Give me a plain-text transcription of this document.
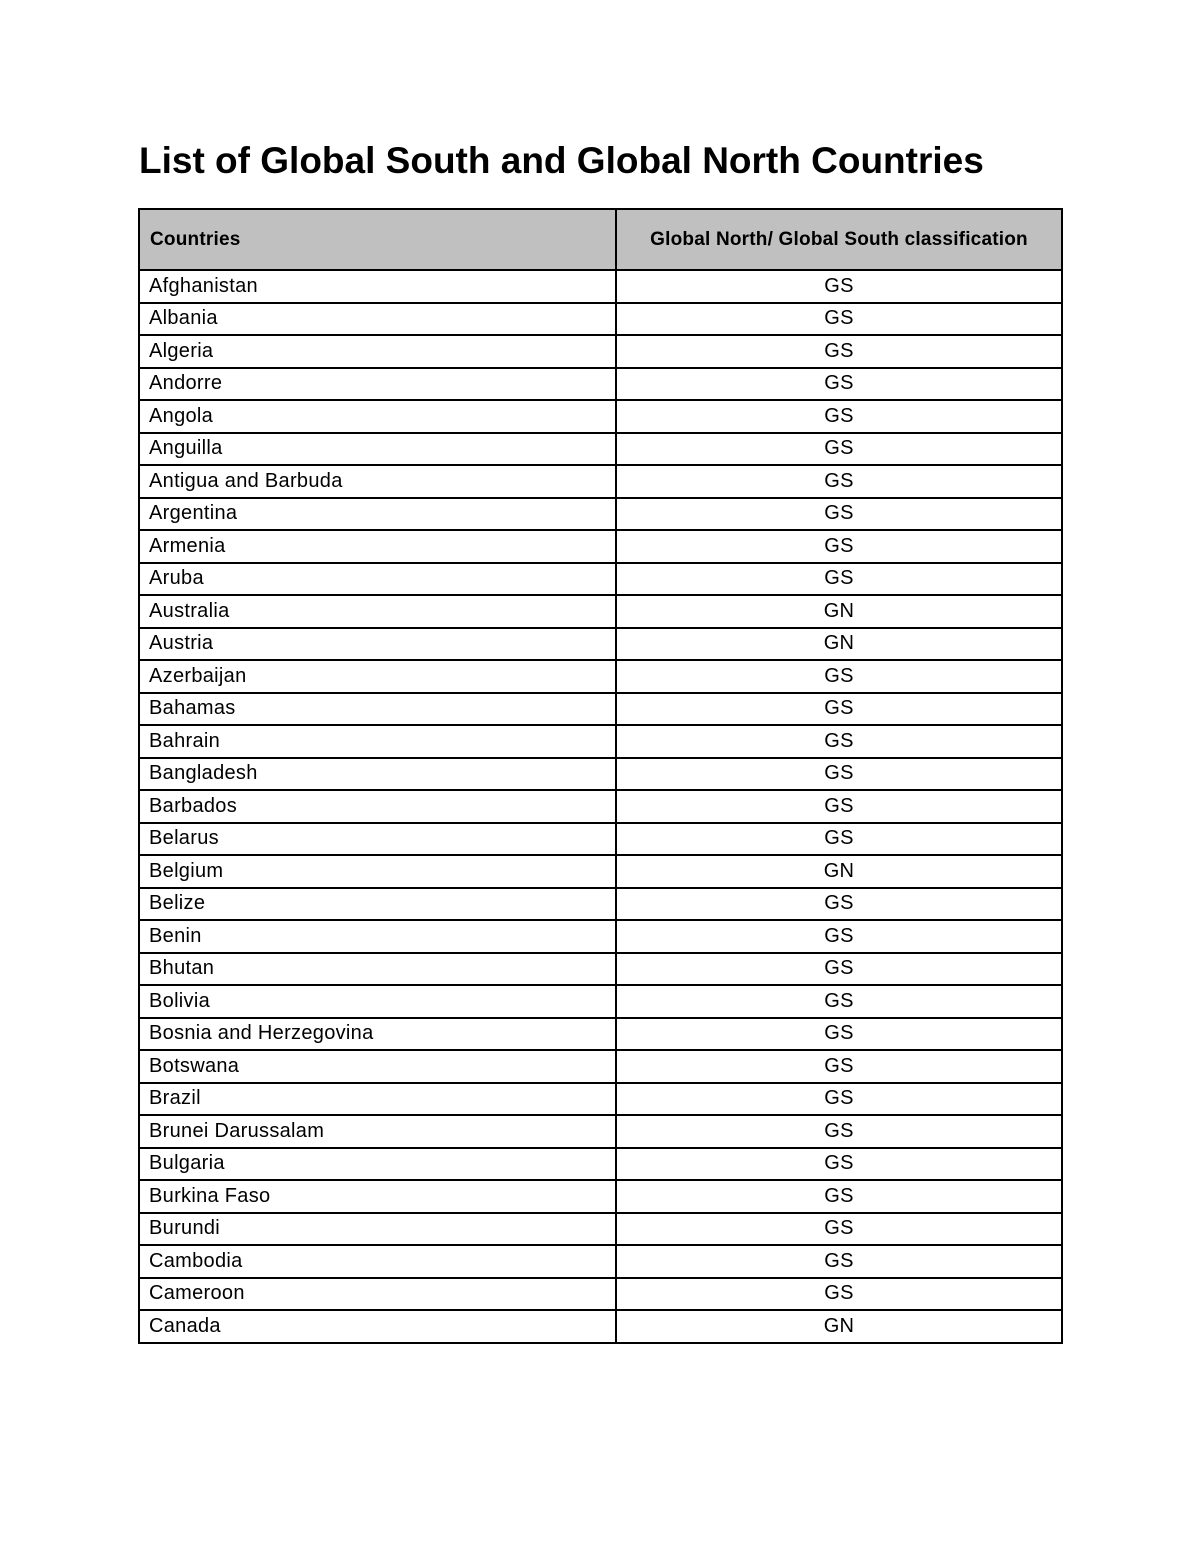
List of Global South and Global North Countries
Countries	Global North/ Global South classification
Afghanistan	GS
Albania	GS
Algeria	GS
Andorre	GS
Angola	GS
Anguilla	GS
Antigua and Barbuda	GS
Argentina	GS
Armenia	GS
Aruba	GS
Australia	GN
Austria	GN
Azerbaijan	GS
Bahamas	GS
Bahrain	GS
Bangladesh	GS
Barbados	GS
Belarus	GS
Belgium	GN
Belize	GS
Benin	GS
Bhutan	GS
Bolivia	GS
Bosnia and Herzegovina	GS
Botswana	GS
Brazil	GS
Brunei Darussalam	GS
Bulgaria	GS
Burkina Faso	GS
Burundi	GS
Cambodia	GS
Cameroon	GS
Canada	GN
